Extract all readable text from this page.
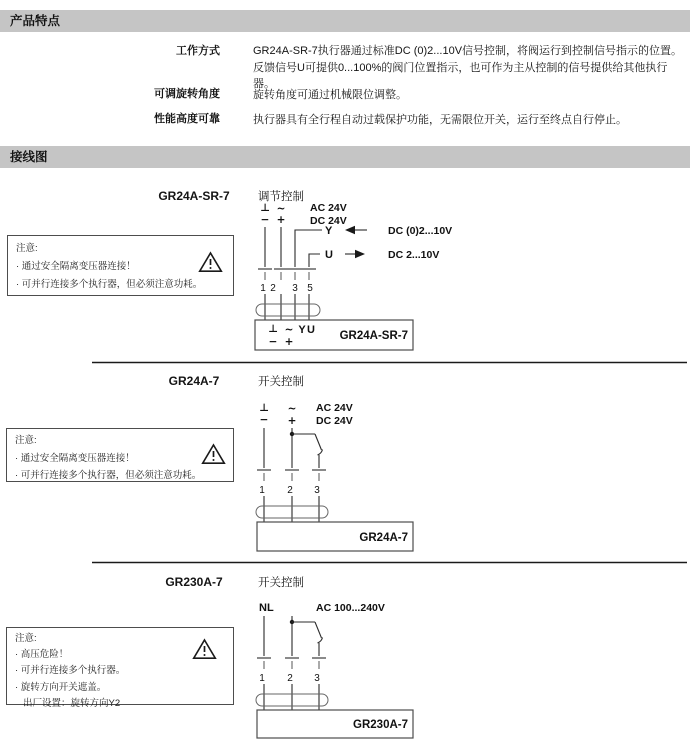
产品特点
工作方式	GR24A-SR-7执行器通过标准DC (0)2...10V信号控制，将阀运行到控制信号指示的位置。反馈信号U可提供0...100%的阀门位置指示，也可作为主从控制的信号提供给其他执行器。
可调旋转角度	旋转角度可通过机械限位调整。
性能高度可靠	执行器具有全行程自动过载保护功能，无需限位开关，运行至终点自行停止。
接线图
GR24A-SR-7	调节控制
GR24A-7	开关控制
GR230A-7	开关控制
注意:
· 通过安全隔离变压器连接！
· 可并行连接多个执行器，但必须注意功耗。
注意:
· 通过安全隔离变压器连接！
· 可并行连接多个执行器，但必须注意功耗。
注意:
· 高压危险！
· 可并行连接多个执行器。
· 旋转方向开关遮盖。
出厂设置：旋转方向Y2
⊥ ~
− +
AC 24V
DC 24V
Y	DC (0)2...10V
U	DC 2...10V
1 2 3 5
⊥ ~ Y U
− +	GR24A-SR-7
⊥ ~
− +
AC 24V
DC 24V
1 2 3
GR24A-7
NL	AC 100...240V
1 2 3
GR230A-7
